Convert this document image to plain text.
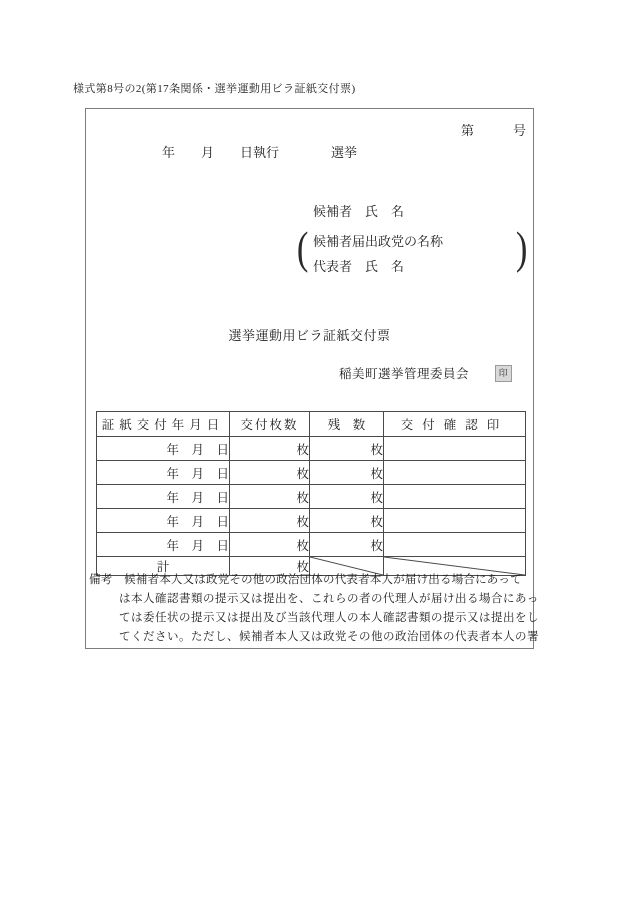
様式第8号の2(第17条関係・選挙運動用ビラ証紙交付票)
第　　　号
年　　月　　日執行　　　　選挙
候補者　氏　名
( 候補者届出政党の名称
代表者　氏　名 )
選挙運動用ビラ証紙交付票
稲美町選挙管理委員会	印
証紙交付年月日	交付枚数	残　数	交付確認印
年　月　日	枚	枚	
年　月　日	枚	枚	
年　月　日	枚	枚	
年　月　日	枚	枚	
年　月　日	枚	枚	
計	枚	

備考　候補者本人又は政党その他の政治団体の代表者本人が届け出る場合にあって
は本人確認書類の提示又は提出を、これらの者の代理人が届け出る場合にあっ
ては委任状の提示又は提出及び当該代理人の本人確認書類の提示又は提出をし
てください。ただし、候補者本人又は政党その他の政治団体の代表者本人の署
